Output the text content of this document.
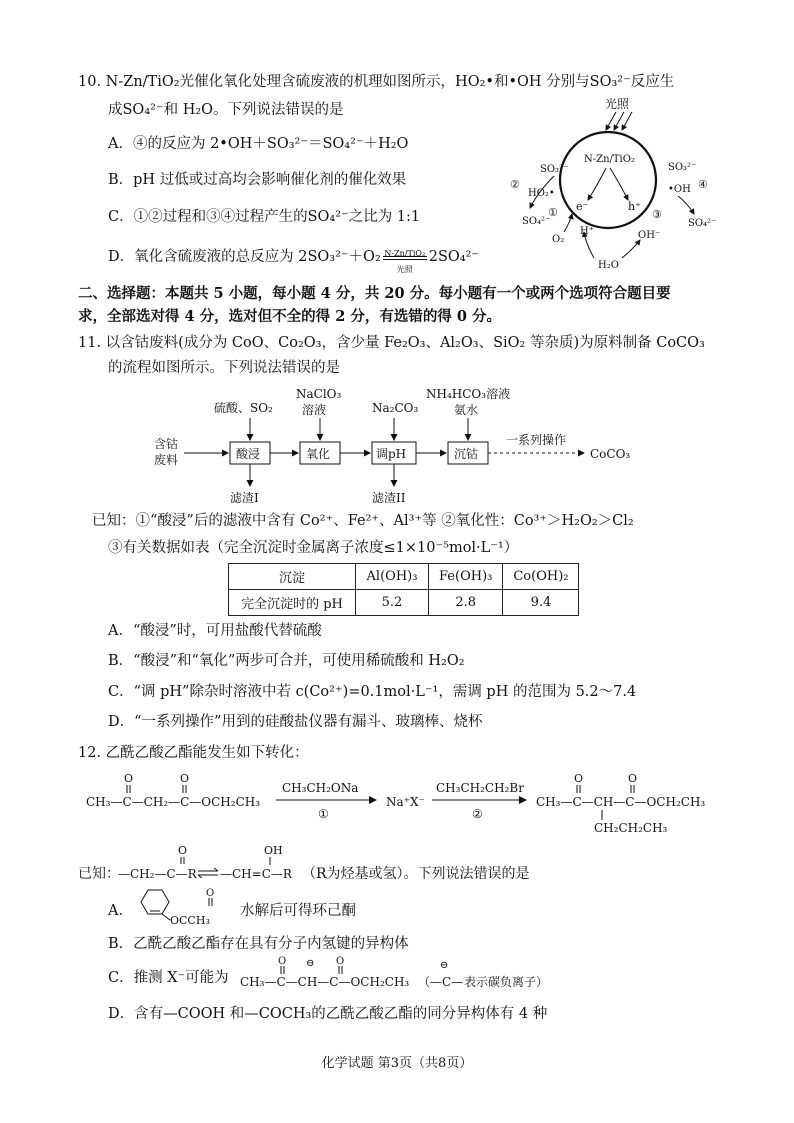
10. N-Zn/TiO₂光催化氧化处理含硫废液的机理如图所示，HO₂•和•OH 分别与SO₃²⁻反应生
成SO₄²⁻和 H₂O。下列说法错误的是
A．④的反应为 2•OH＋SO₃²⁻＝SO₄²⁻＋H₂O
B．pH 过低或过高均会影响催化剂的催化效果
C．①②过程和③④过程产生的SO₄²⁻之比为 1:1
D．氧化含硫废液的总反应为 2SO₃²⁻＋O₂ N-Zn/TiO₂
光照
2SO₄²⁻
光照
N-Zn/TiO₂
e⁻	h⁺
SO₃²⁻
②
HO₂•
SO₄²⁻
①
O₂
H⁺
SO₃²⁻
•OH ④
SO₄²⁻
③
OH⁻
H₂O
二、选择题：本题共 5 小题，每小题 4 分，共 20 分。每小题有一个或两个选项符合题目要
求，全部选对得 4 分，选对但不全的得 2 分，有选错的得 0 分。
11. 以含钴废料(成分为 CoO、Co₂O₃，含少量 Fe₂O₃、Al₂O₃、SiO₂ 等杂质)为原料制备 CoCO₃
的流程如图所示。下列说法错误的是
含钴
废料	酸浸	氧化	调pH	沉钴
一系列操作
CoCO₃
硫酸、SO₂
NaClO₃
溶液	Na₂CO₃
NH₄HCO₃溶液
氨水
滤渣I	滤渣II
已知：①“酸浸”后的滤液中含有 Co²⁺、Fe²⁺、Al³⁺等 ②氧化性：Co³⁺＞H₂O₂＞Cl₂
③有关数据如表（完全沉淀时金属离子浓度≤1×10⁻⁵mol·L⁻¹）
沉淀	Al(OH)₃	Fe(OH)₃	Co(OH)₂
完全沉淀时的 pH	5.2	2.8	9.4
A．“酸浸”时，可用盐酸代替硫酸
B．“酸浸”和“氧化”两步可合并，可使用稀硫酸和 H₂O₂
C．“调 pH”除杂时溶液中若 c(Co²⁺)=0.1mol·L⁻¹，需调 pH 的范围为 5.2～7.4
D．“一系列操作”用到的硅酸盐仪器有漏斗、玻璃棒、烧杯
12. 乙酰乙酸乙酯能发生如下转化：
O	O
CH₃—C—CH₂—C—OCH₂CH₃
CH₃CH₂ONa
①
Na⁺X⁻
CH₃CH₂CH₂Br
②
O	O
CH₃—C—CH—C—OCH₂CH₃
CH₂CH₂CH₃
已知：
O
—CH₂—C—R
OH
—CH=C—R （R为烃基或氢）。下列说法错误的是
A．
O
OCCH₃
水解后可得环己酮
B．乙酰乙酸乙酯存在具有分子内氢键的异构体
C．推测 X⁻可能为
O ⊖ O
CH₃—C—CH—C—OCH₂CH₃ （—C—
⊖
表示碳负离子）
D．含有—COOH 和—COCH₃的乙酰乙酸乙酯的同分异构体有 4 种
化学试题 第3页（共8页）
